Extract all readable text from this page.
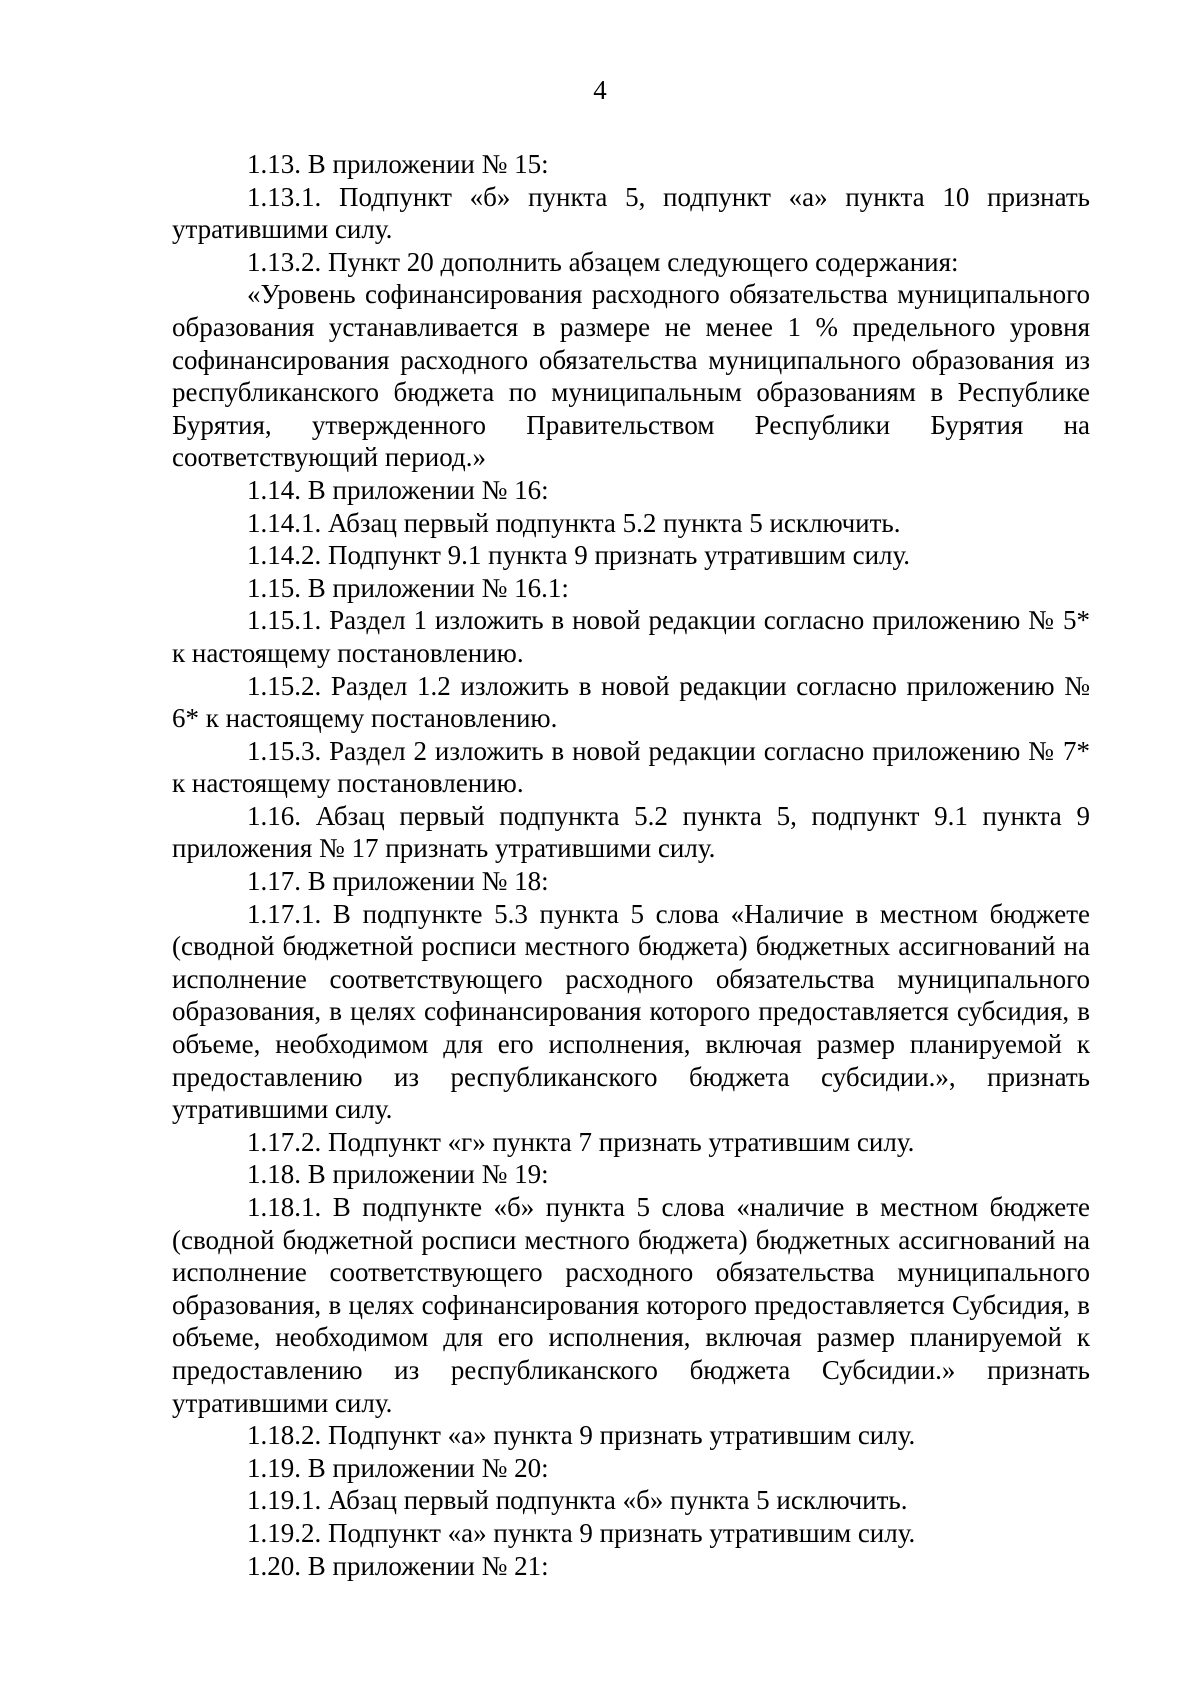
4

1.13. В приложении № 15:

1.13.1. Подпункт «б» пункта 5, подпункт «а» пункта 10 признать утратившими силу.

1.13.2. Пункт 20 дополнить абзацем следующего содержания:

«Уровень софинансирования расходного обязательства муниципального образования устанавливается в размере не менее 1 % предельного уровня софинансирования расходного обязательства муниципального образования из республиканского бюджета по муниципальным образованиям в Республике Бурятия, утвержденного Правительством Республики Бурятия на соответствующий период.»

1.14. В приложении № 16:

1.14.1. Абзац первый подпункта 5.2 пункта 5 исключить.

1.14.2. Подпункт 9.1 пункта 9 признать утратившим силу.

1.15. В приложении № 16.1:

1.15.1. Раздел 1 изложить в новой редакции согласно приложению № 5* к настоящему постановлению.

1.15.2. Раздел 1.2 изложить в новой редакции согласно приложению № 6* к настоящему постановлению.

1.15.3. Раздел 2 изложить в новой редакции согласно приложению № 7* к настоящему постановлению.

1.16. Абзац первый подпункта 5.2 пункта 5, подпункт 9.1 пункта 9 приложения № 17 признать утратившими силу.

1.17. В приложении № 18:

1.17.1. В подпункте 5.3 пункта 5 слова «Наличие в местном бюджете (сводной бюджетной росписи местного бюджета) бюджетных ассигнований на исполнение соответствующего расходного обязательства муниципального образования, в целях софинансирования которого предоставляется субсидия, в объеме, необходимом для его исполнения, включая размер планируемой к предоставлению из республиканского бюджета субсидии.», признать утратившими силу.

1.17.2. Подпункт «г» пункта 7 признать утратившим силу.

1.18. В приложении № 19:

1.18.1. В подпункте «б» пункта 5 слова «наличие в местном бюджете (сводной бюджетной росписи местного бюджета) бюджетных ассигнований на исполнение соответствующего расходного обязательства муниципального образования, в целях софинансирования которого предоставляется Субсидия, в объеме, необходимом для его исполнения, включая размер планируемой к предоставлению из республиканского бюджета Субсидии.» признать утратившими силу.

1.18.2. Подпункт «а» пункта 9 признать утратившим силу.

1.19. В приложении № 20:

1.19.1. Абзац первый подпункта «б» пункта 5 исключить.

1.19.2. Подпункт «а» пункта 9 признать утратившим силу.

1.20. В приложении № 21:
